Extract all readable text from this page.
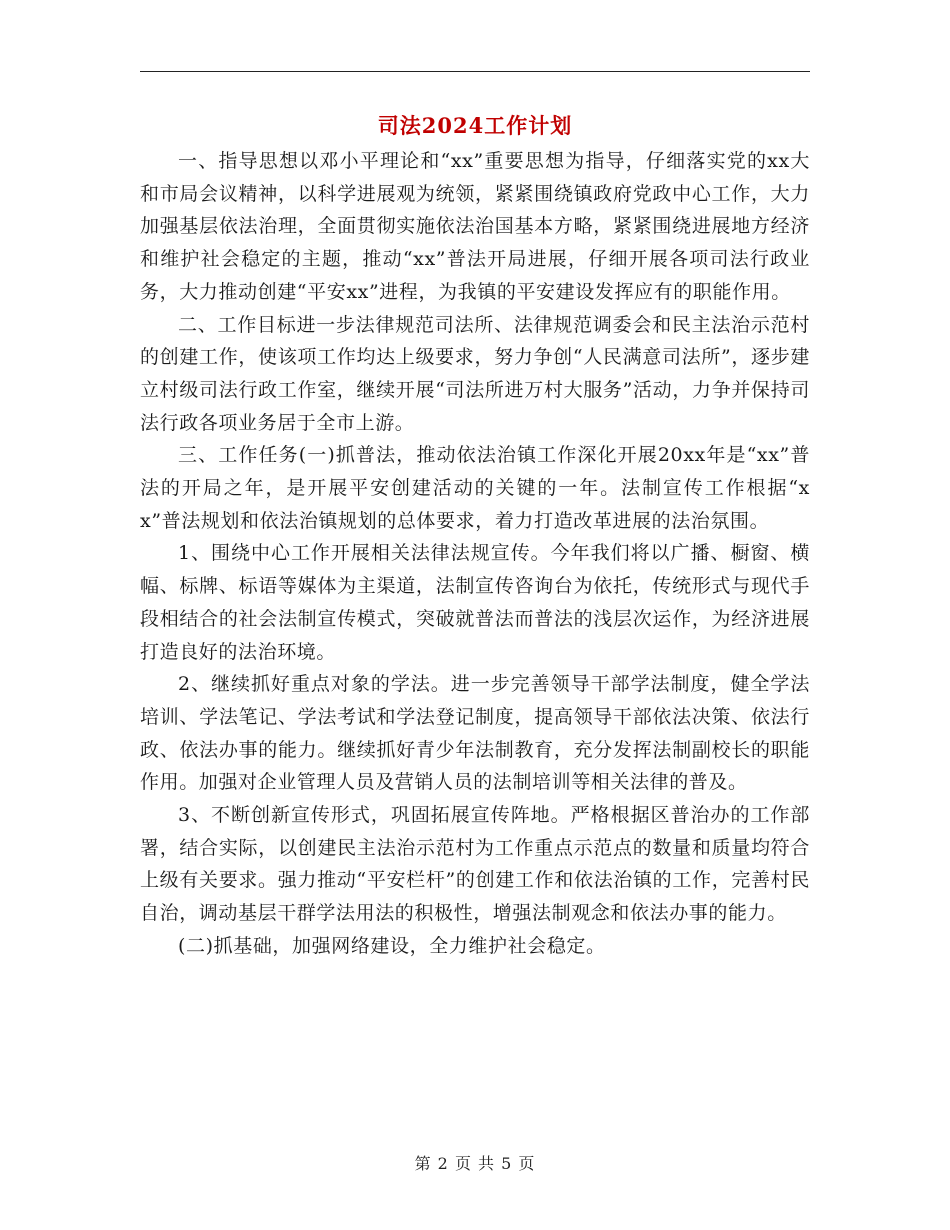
司法2024工作计划

一、指导思想以邓小平理论和“xx”重要思想为指导，仔细落实党的xx大和市局会议精神，以科学进展观为统领，紧紧围绕镇政府党政中心工作，大力加强基层依法治理，全面贯彻实施依法治国基本方略，紧紧围绕进展地方经济和维护社会稳定的主题，推动“xx”普法开局进展，仔细开展各项司法行政业务，大力推动创建“平安xx”进程，为我镇的平安建设发挥应有的职能作用。

二、工作目标进一步法律规范司法所、法律规范调委会和民主法治示范村的创建工作，使该项工作均达上级要求，努力争创“人民满意司法所”，逐步建立村级司法行政工作室，继续开展“司法所进万村大服务”活动，力争并保持司法行政各项业务居于全市上游。

三、工作任务(一)抓普法，推动依法治镇工作深化开展20xx年是“xx”普法的开局之年，是开展平安创建活动的关键的一年。法制宣传工作根据“xx”普法规划和依法治镇规划的总体要求，着力打造改革进展的法治氛围。

1、围绕中心工作开展相关法律法规宣传。今年我们将以广播、橱窗、横幅、标牌、标语等媒体为主渠道，法制宣传咨询台为依托，传统形式与现代手段相结合的社会法制宣传模式，突破就普法而普法的浅层次运作，为经济进展打造良好的法治环境。

2、继续抓好重点对象的学法。进一步完善领导干部学法制度，健全学法培训、学法笔记、学法考试和学法登记制度，提高领导干部依法决策、依法行政、依法办事的能力。继续抓好青少年法制教育，充分发挥法制副校长的职能作用。加强对企业管理人员及营销人员的法制培训等相关法律的普及。

3、不断创新宣传形式，巩固拓展宣传阵地。严格根据区普治办的工作部署，结合实际，以创建民主法治示范村为工作重点示范点的数量和质量均符合上级有关要求。强力推动“平安栏杆”的创建工作和依法治镇的工作，完善村民自治，调动基层干群学法用法的积极性，增强法制观念和依法办事的能力。

(二)抓基础，加强网络建设，全力维护社会稳定。

第 2 页 共 5 页
